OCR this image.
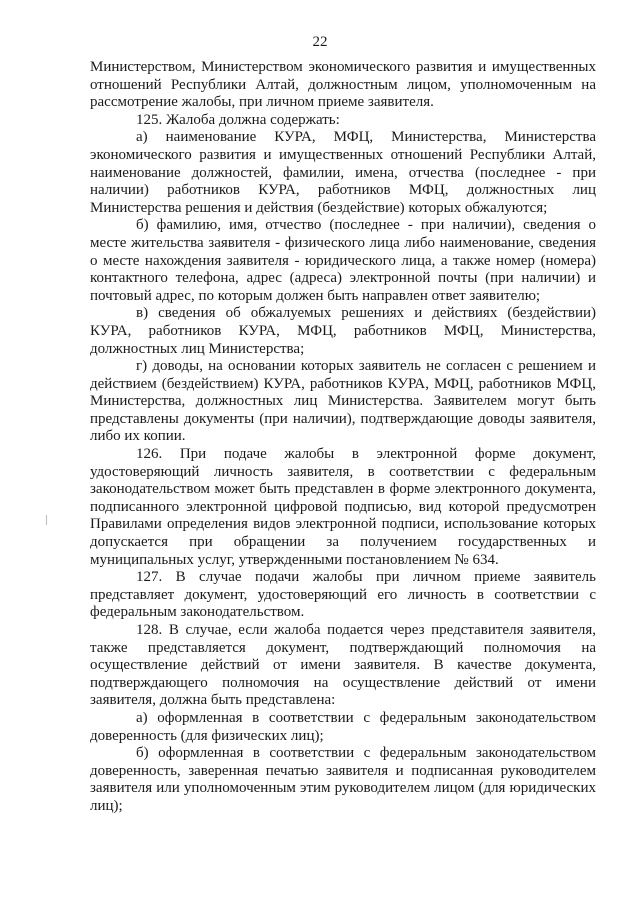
22

Министерством, Министерством экономического развития и имущественных отношений Республики Алтай, должностным лицом, уполномоченным на рассмотрение жалобы, при личном приеме заявителя.

125. Жалоба должна содержать:

а) наименование КУРА, МФЦ, Министерства, Министерства экономического развития и имущественных отношений Республики Алтай, наименование должностей, фамилии, имена, отчества (последнее - при наличии) работников КУРА, работников МФЦ, должностных лиц Министерства решения и действия (бездействие) которых обжалуются;

б) фамилию, имя, отчество (последнее - при наличии), сведения о месте жительства заявителя - физического лица либо наименование, сведения о месте нахождения заявителя - юридического лица, а также номер (номера) контактного телефона, адрес (адреса) электронной почты (при наличии) и почтовый адрес, по которым должен быть направлен ответ заявителю;

в) сведения об обжалуемых решениях и действиях (бездействии) КУРА, работников КУРА, МФЦ, работников МФЦ, Министерства, должностных лиц Министерства;

г) доводы, на основании которых заявитель не согласен с решением и действием (бездействием) КУРА, работников КУРА, МФЦ, работников МФЦ, Министерства, должностных лиц Министерства. Заявителем могут быть представлены документы (при наличии), подтверждающие доводы заявителя, либо их копии.

126. При подаче жалобы в электронной форме документ, удостоверяющий личность заявителя, в соответствии с федеральным законодательством может быть представлен в форме электронного документа, подписанного электронной цифровой подписью, вид которой предусмотрен Правилами определения видов электронной подписи, использование которых допускается при обращении за получением государственных и муниципальных услуг, утвержденными постановлением № 634.

127. В случае подачи жалобы при личном приеме заявитель представляет документ, удостоверяющий его личность в соответствии с федеральным законодательством.

128. В случае, если жалоба подается через представителя заявителя, также представляется документ, подтверждающий полномочия на осуществление действий от имени заявителя. В качестве документа, подтверждающего полномочия на осуществление действий от имени заявителя, должна быть представлена:

а) оформленная в соответствии с федеральным законодательством доверенность (для физических лиц);

б) оформленная в соответствии с федеральным законодательством доверенность, заверенная печатью заявителя и подписанная руководителем заявителя или уполномоченным этим руководителем лицом (для юридических лиц);
